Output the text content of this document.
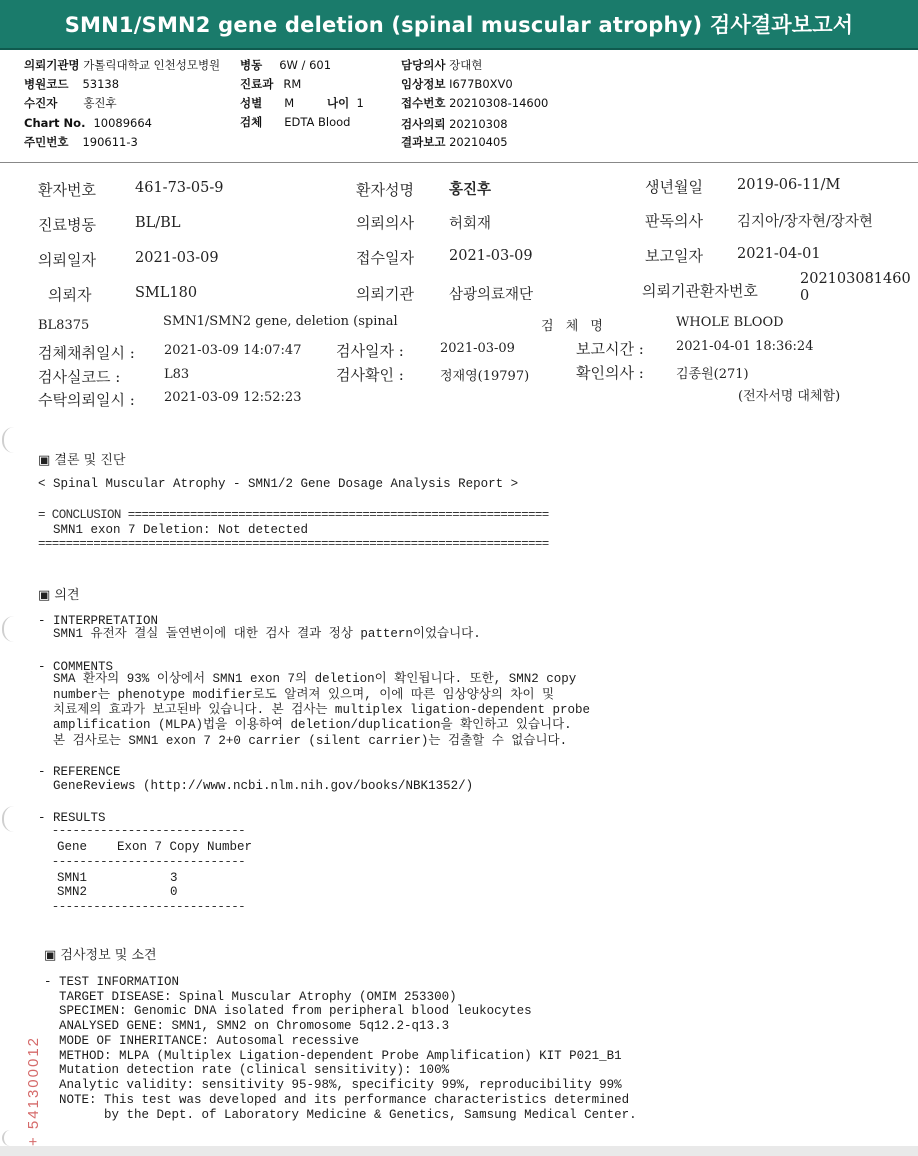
SMN1/SMN2 gene deletion (spinal muscular atrophy) 검사결과보고서
의뢰기관명 가톨릭대학교 인천성모병원
병원코드 53138
수진자 홍진후
Chart No. 10089664
주민번호 190611-3
병동 6W / 601
진료과 RM
성별 M	나이 1
검체 EDTA Blood
담당의사 장대현
임상정보 I677B0XV0
접수번호 20210308-14600
검사의뢰 20210308
결과보고 20210405
환자번호	461-73-05-9	환자성명 홍진후	생년월일 2019-06-11/M
진료병동	BL/BL	의뢰의사 허회재	판독의사 김지아/장자현/장자현
의뢰일자	2021-03-09	접수일자 2021-03-09	보고일자 2021-04-01
의뢰자	SML180	의뢰기관 삼광의료재단	의뢰기관환자번호
202103081460
0
BL8375	SMN1/SMN2 gene, deletion (spinal	검 체 명	WHOLE BLOOD
검체채취일시 : 2021-03-09 14:07:47 검사일자 :	2021-03-09	보고시간 : 2021-04-01 18:36:24
검사실코드 :	L83	검사확인 :	정재영(19797)	확인의사 : 김종원(271)
수탁의뢰일시 : 2021-03-09 12:52:23	(전자서명 대체함)
▣ 결론 및 진단
< Spinal Muscular Atrophy - SMN1/2 Gene Dosage Analysis Report >
= CONCLUSION =============================================================
SMN1 exon 7 Deletion: Not detected
==========================================================================
▣ 의견
- INTERPRETATION
SMN1 유전자 결실 돌연변이에 대한 검사 결과 정상 pattern이었습니다.
- COMMENTS
SMA 환자의 93% 이상에서 SMN1 exon 7의 deletion이 확인됩니다. 또한, SMN2 copy
number는 phenotype modifier로도 알려져 있으며, 이에 따른 임상양상의 차이 및
치료제의 효과가 보고된바 있습니다. 본 검사는 multiplex ligation-dependent probe
amplification (MLPA)법을 이용하여 deletion/duplication을 확인하고 있습니다.
본 검사로는 SMN1 exon 7 2+0 carrier (silent carrier)는 검출할 수 없습니다.
- REFERENCE
GeneReviews (http://www.ncbi.nlm.nih.gov/books/NBK1352/)
- RESULTS
----------------------------
Gene Exon 7 Copy Number
----------------------------
SMN1	3
SMN2	0
----------------------------
▣ 검사정보 및 소견
- TEST INFORMATION
TARGET DISEASE: Spinal Muscular Atrophy (OMIM 253300)
SPECIMEN: Genomic DNA isolated from peripheral blood leukocytes
ANALYSED GENE: SMN1, SMN2 on Chromosome 5q12.2-q13.3
MODE OF INHERITANCE: Autosomal recessive
METHOD: MLPA (Multiplex Ligation-dependent Probe Amplification) KIT P021_B1
Mutation detection rate (clinical sensitivity): 100%
Analytic validity: sensitivity 95-98%, specificity 99%, reproducibility 99%
NOTE: This test was developed and its performance characteristics determined
by the Dept. of Laboratory Medicine & Genetics, Samsung Medical Center.
+ 541300012
